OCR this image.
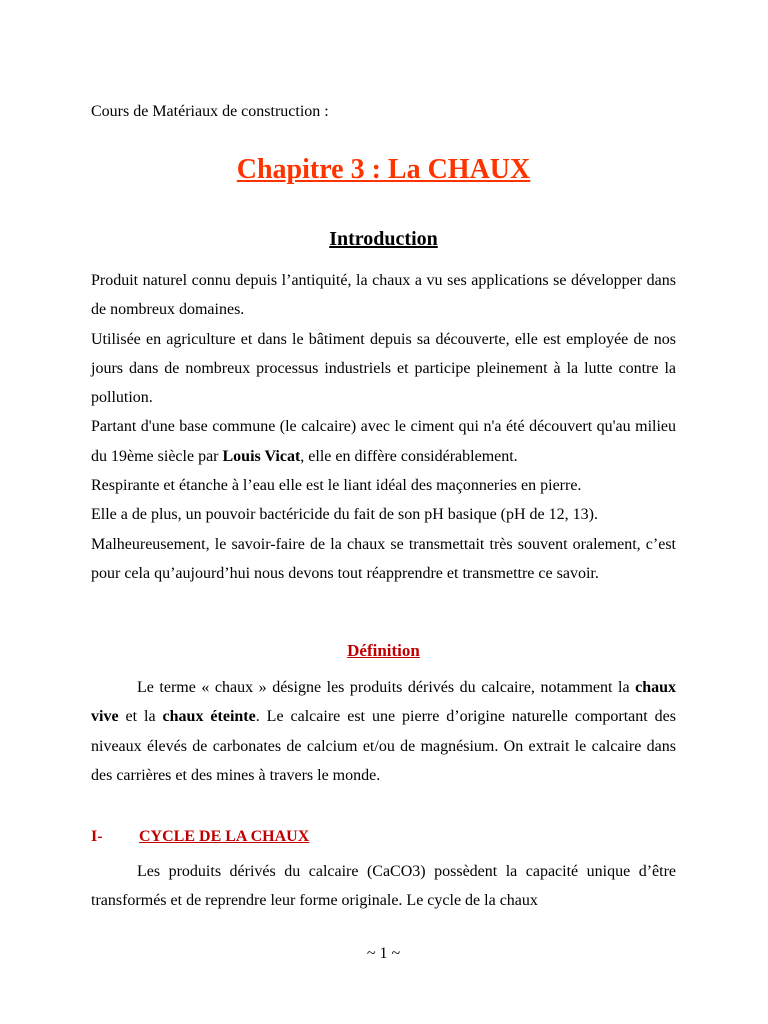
Cours de Matériaux de construction :
Chapitre 3 : La CHAUX
Introduction

Produit naturel connu depuis l’antiquité, la chaux a vu ses applications se développer dans de nombreux domaines.

Utilisée en agriculture et dans le bâtiment depuis sa découverte, elle est employée de nos jours dans de nombreux processus industriels et participe pleinement à la lutte contre la pollution.

Partant d'une base commune (le calcaire) avec le ciment qui n'a été découvert qu'au milieu du 19ème siècle par Louis Vicat, elle en diffère considérablement.

Respirante et étanche à l’eau elle est le liant idéal des maçonneries en pierre.

Elle a de plus, un pouvoir bactéricide du fait de son pH basique (pH de 12, 13).

Malheureusement, le savoir-faire de la chaux se transmettait très souvent oralement, c’est pour cela qu’aujourd’hui nous devons tout réapprendre et transmettre ce savoir.

Définition

Le terme « chaux » désigne les produits dérivés du calcaire, notamment la chaux vive et la chaux éteinte. Le calcaire est une pierre d’origine naturelle comportant des niveaux élevés de carbonates de calcium et/ou de magnésium. On extrait le calcaire dans des carrières et des mines à travers le monde.

I- CYCLE DE LA CHAUX

Les produits dérivés du calcaire (CaCO3) possèdent la capacité unique d’être transformés et de reprendre leur forme originale. Le cycle de la chaux

~ 1 ~
